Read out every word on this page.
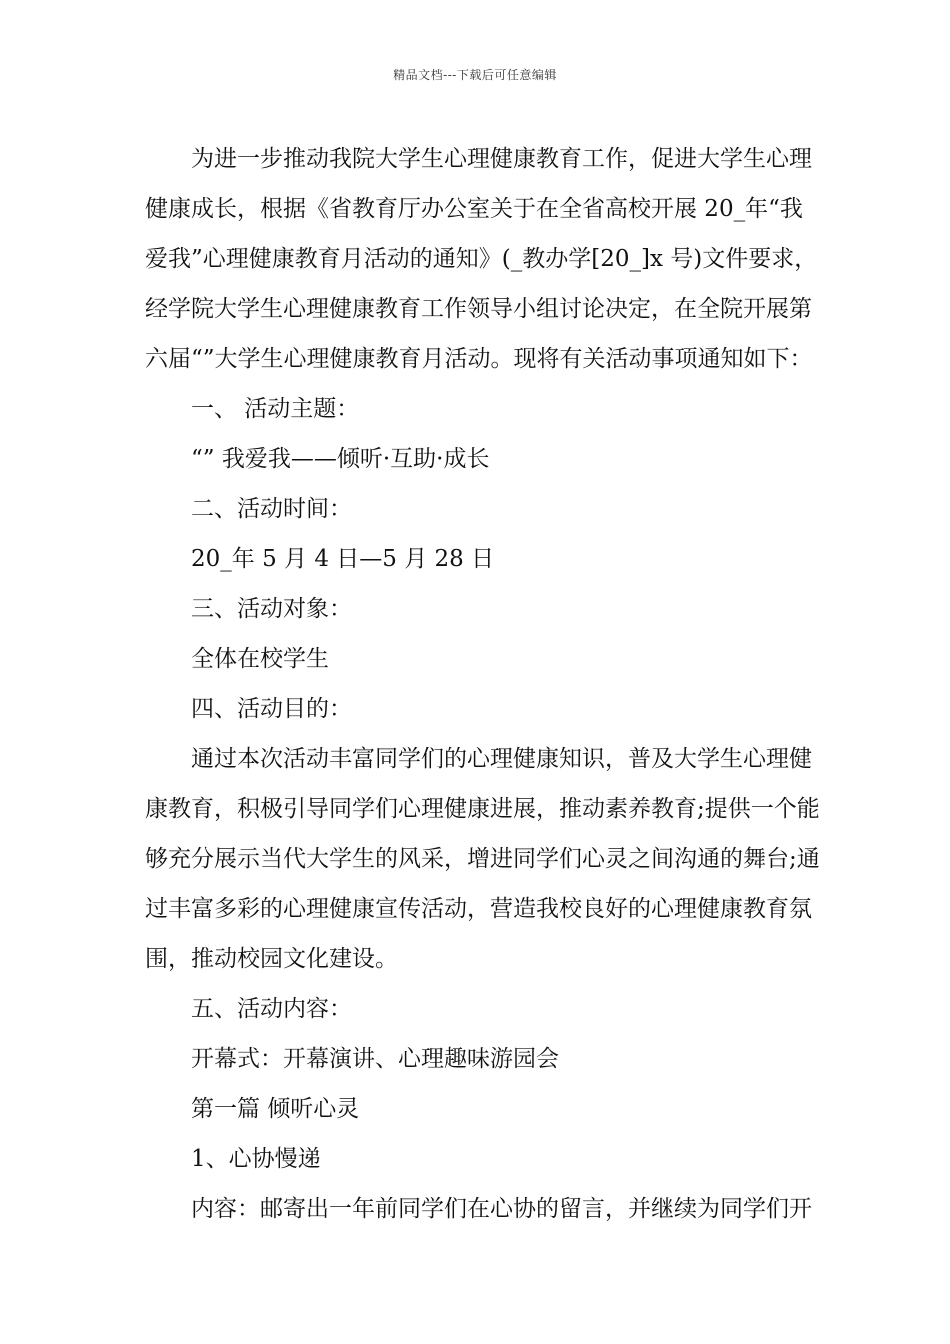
精品文档---下载后可任意编辑

为进一步推动我院大学生心理健康教育工作，促进大学生心理
健康成长，根据《省教育厅办公室关于在全省高校开展 20_年“我
爱我”心理健康教育月活动的通知》(_教办学[20_]x 号)文件要求，
经学院大学生心理健康教育工作领导小组讨论决定，在全院开展第
六届“”大学生心理健康教育月活动。现将有关活动事项通知如下：

一、 活动主题：

“” 我爱我——倾听·互助·成长

二、活动时间：

20_年 5 月 4 日—5 月 28 日

三、活动对象：

全体在校学生

四、活动目的：

通过本次活动丰富同学们的心理健康知识，普及大学生心理健
康教育，积极引导同学们心理健康进展，推动素养教育;提供一个能
够充分展示当代大学生的风采，增进同学们心灵之间沟通的舞台;通
过丰富多彩的心理健康宣传活动，营造我校良好的心理健康教育氛
围，推动校园文化建设。

五、活动内容：

开幕式：开幕演讲、心理趣味游园会

第一篇 倾听心灵

1、心协慢递

内容：邮寄出一年前同学们在心协的留言，并继续为同学们开
